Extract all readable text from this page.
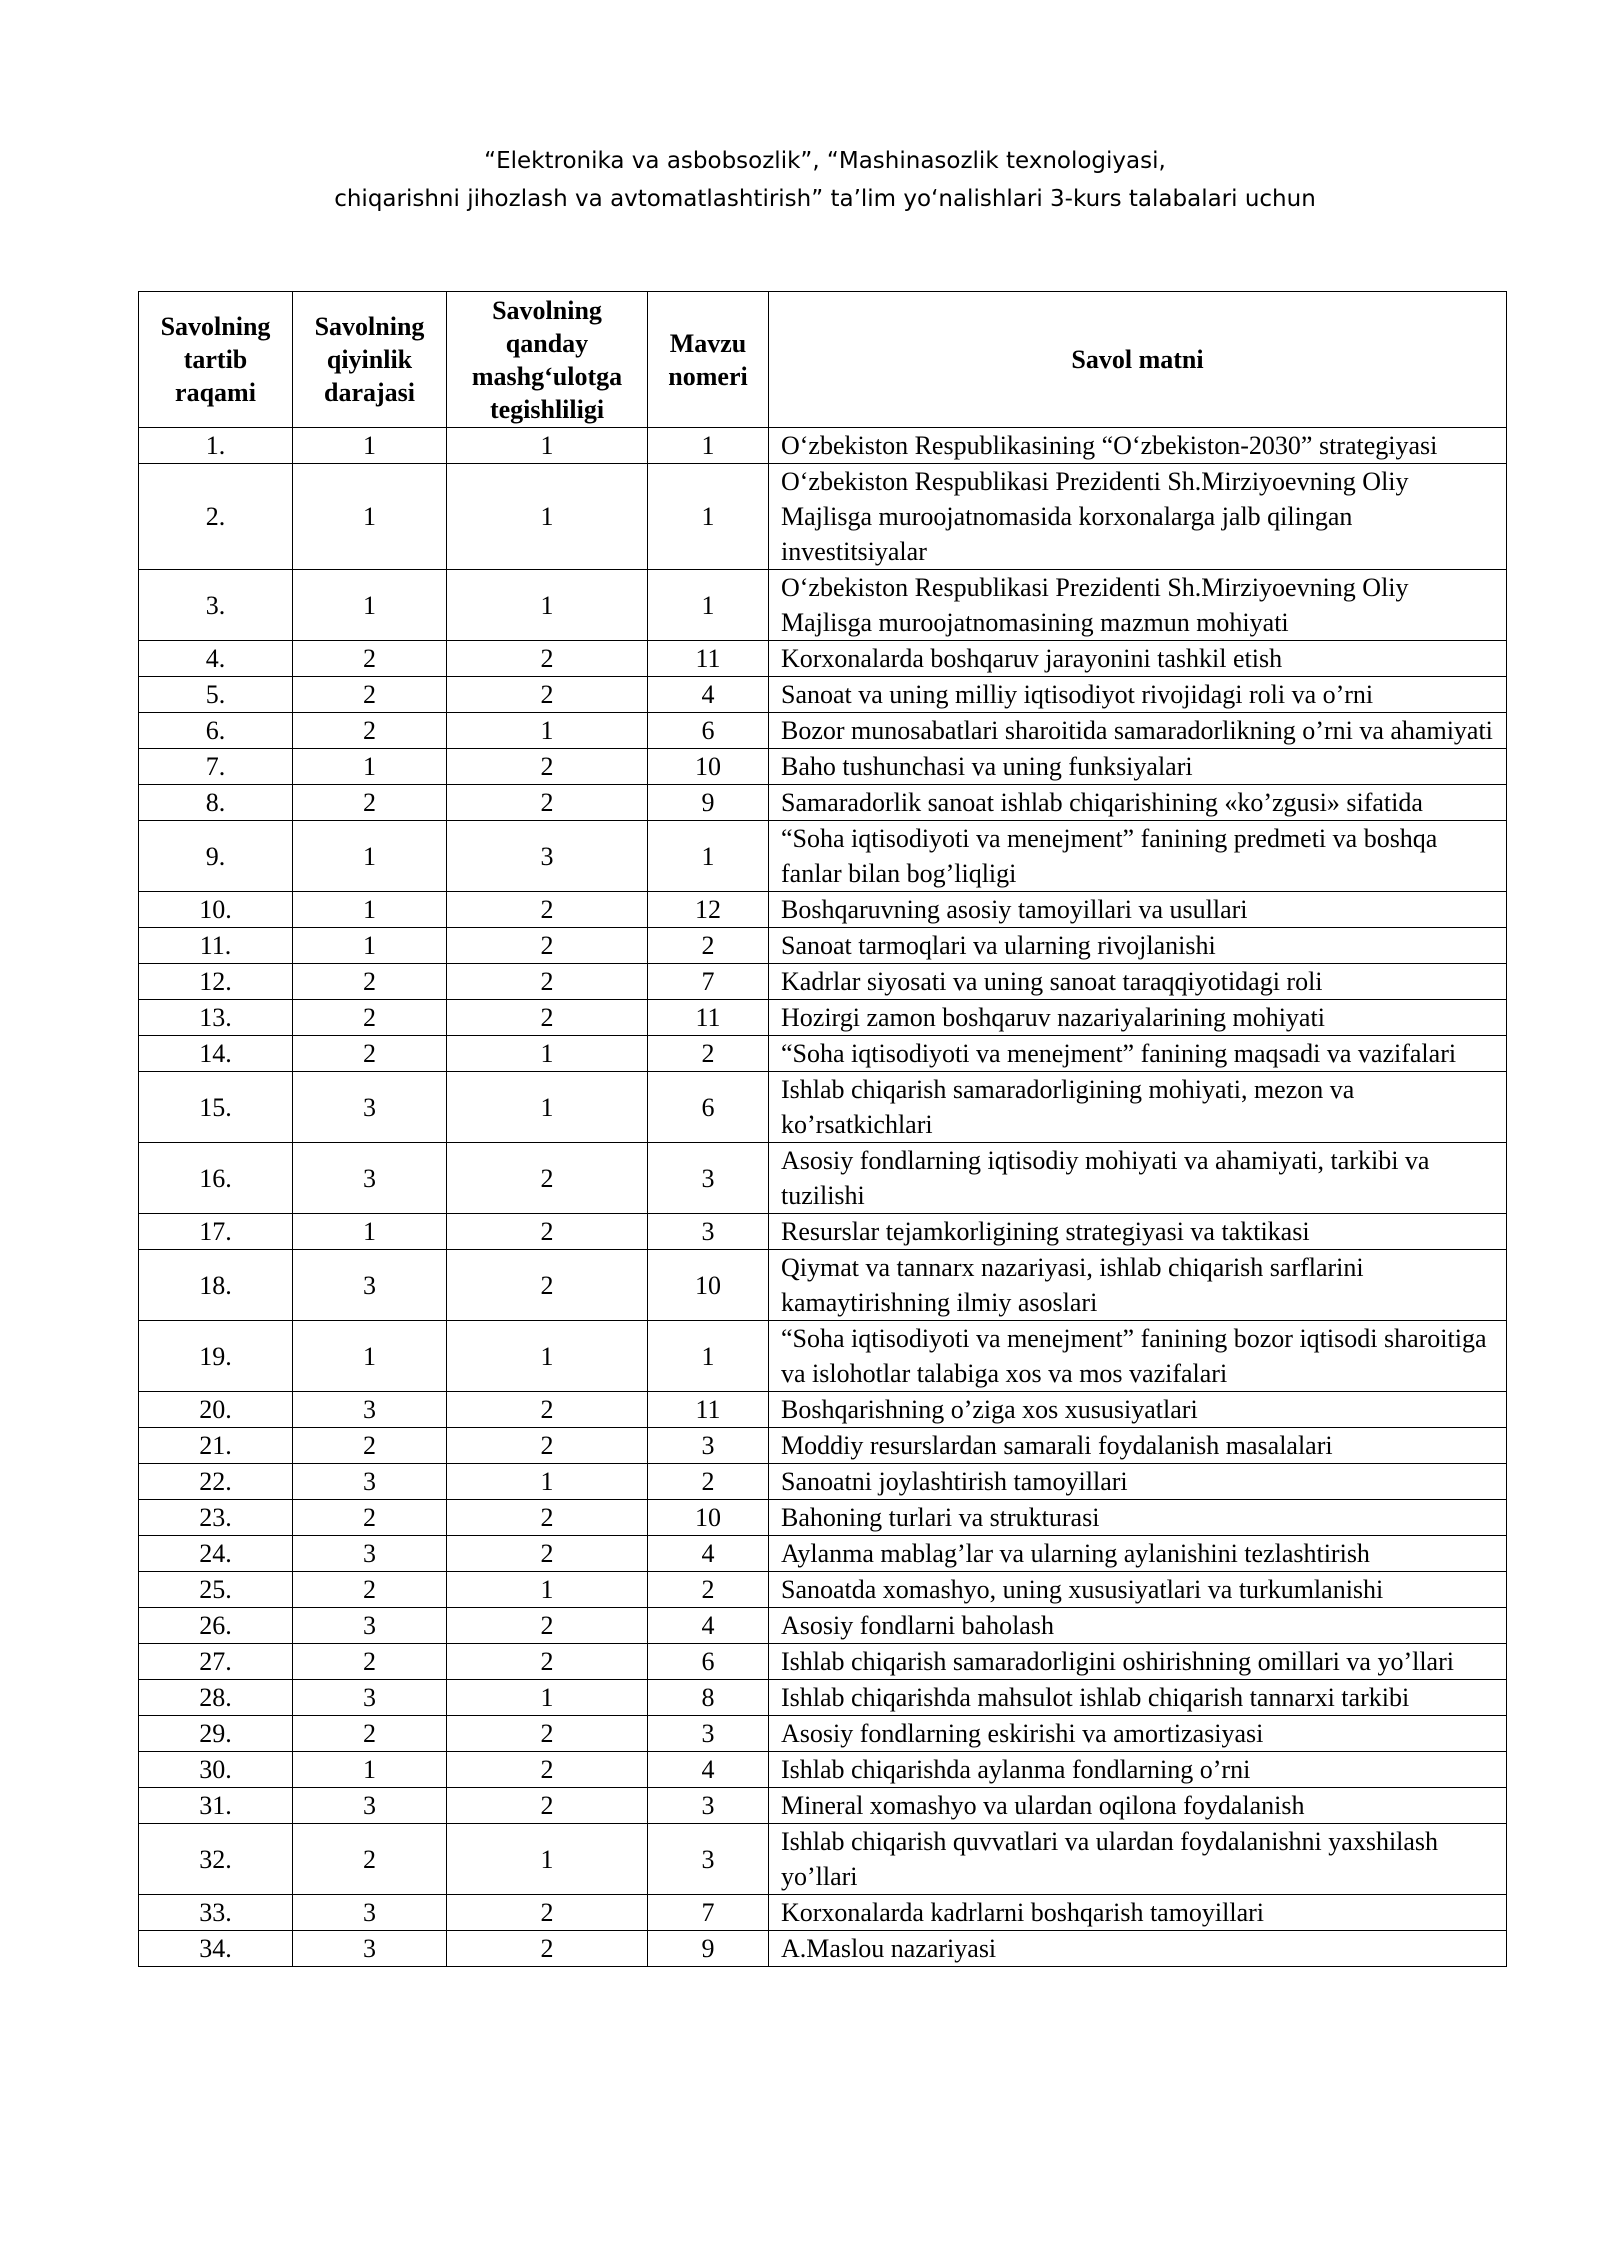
“Elektronika va asbobsozlik”, “Mashinasozlik texnologiyasi,
chiqarishni jihozlash va avtomatlashtirish” ta’lim yo‘nalishlari 3-kurs talabalari uchun
Savolning tartib raqami	Savolning qiyinlik darajasi	Savolning qanday mashg‘ulotga tegishliligi	Mavzu nomeri	Savol matni
1.	1	1	1	O‘zbekiston Respublikasining “O‘zbekiston-2030” strategiyasi
2.	1	1	1	O‘zbekiston Respublikasi Prezidenti Sh.Mirziyoevning Oliy Majlisga muroojatnomasida korxonalarga jalb qilingan investitsiyalar
3.	1	1	1	O‘zbekiston Respublikasi Prezidenti Sh.Mirziyoevning Oliy Majlisga muroojatnomasining mazmun mohiyati
4.	2	2	11	Korxonalarda boshqaruv jarayonini tashkil etish
5.	2	2	4	Sanoat va uning milliy iqtisodiyot rivojidagi roli va o’rni
6.	2	1	6	Bozor munosabatlari sharoitida samaradorlikning o’rni va ahamiyati
7.	1	2	10	Baho tushunchasi va uning funksiyalari
8.	2	2	9	Samaradorlik sanoat ishlab chiqarishining «ko’zgusi» sifatida
9.	1	3	1	“Soha iqtisodiyoti va menejment” fanining predmeti va boshqa fanlar bilan bog’liqligi
10.	1	2	12	Boshqaruvning asosiy tamoyillari va usullari
11.	1	2	2	Sanoat tarmoqlari va ularning rivojlanishi
12.	2	2	7	Kadrlar siyosati va uning sanoat taraqqiyotidagi roli
13.	2	2	11	Hozirgi zamon boshqaruv nazariyalarining mohiyati
14.	2	1	2	“Soha iqtisodiyoti va menejment” fanining maqsadi va vazifalari
15.	3	1	6	Ishlab chiqarish samaradorligining mohiyati, mezon va ko’rsatkichlari
16.	3	2	3	Asosiy fondlarning iqtisodiy mohiyati va ahamiyati, tarkibi va tuzilishi
17.	1	2	3	Resurslar tejamkorligining strategiyasi va taktikasi
18.	3	2	10	Qiymat va tannarx nazariyasi, ishlab chiqarish sarflarini kamaytirishning ilmiy asoslari
19.	1	1	1	“Soha iqtisodiyoti va menejment” fanining bozor iqtisodi sharoitiga va islohotlar talabiga xos va mos vazifalari
20.	3	2	11	Boshqarishning o’ziga xos xususiyatlari
21.	2	2	3	Moddiy resurslardan samarali foydalanish masalalari
22.	3	1	2	Sanoatni joylashtirish tamoyillari
23.	2	2	10	Bahoning turlari va strukturasi
24.	3	2	4	Aylanma mablag’lar va ularning aylanishini tezlashtirish
25.	2	1	2	Sanoatda xomashyo, uning xususiyatlari va turkumlanishi
26.	3	2	4	Asosiy fondlarni baholash
27.	2	2	6	Ishlab chiqarish samaradorligini oshirishning omillari va yo’llari
28.	3	1	8	Ishlab chiqarishda mahsulot ishlab chiqarish tannarxi tarkibi
29.	2	2	3	Asosiy fondlarning eskirishi va amortizasiyasi
30.	1	2	4	Ishlab chiqarishda aylanma fondlarning o’rni
31.	3	2	3	Mineral xomashyo va ulardan oqilona foydalanish
32.	2	1	3	Ishlab chiqarish quvvatlari va ulardan foydalanishni yaxshilash yo’llari
33.	3	2	7	Korxonalarda kadrlarni boshqarish tamoyillari
34.	3	2	9	A.Maslou nazariyasi
